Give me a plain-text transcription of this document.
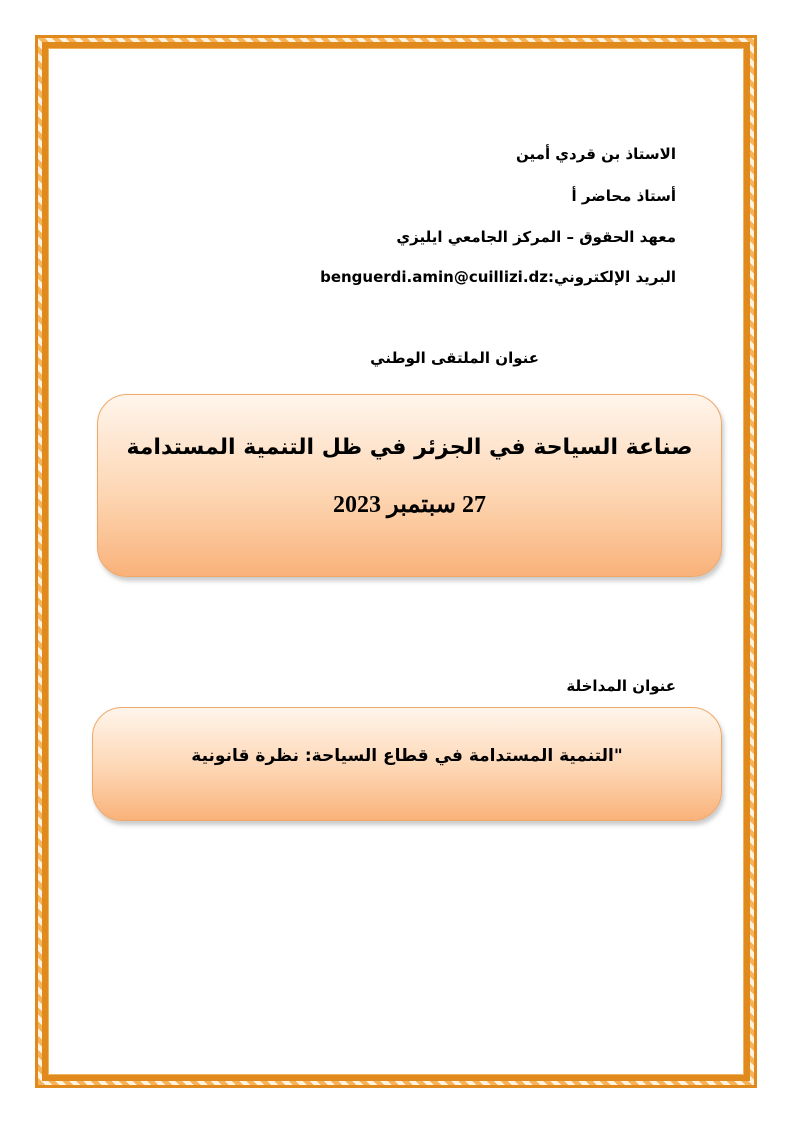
الاستاذ بن قرﺩي أمين
أستاذ محاضر أ
معهد الحقوق – المركز الجامعي ايليزي
البريد الإلكتروني:benguerdi.amin@cuillizi.dz
عنوان الملتقى الوطني
صناعة السياحة في الجزئر في ظل التنمية المستدامة
27 سبتمبر 2023
عنوان المداخلة
"التنمية المستدامة في قطاع السياحة: نظرة قانونية
